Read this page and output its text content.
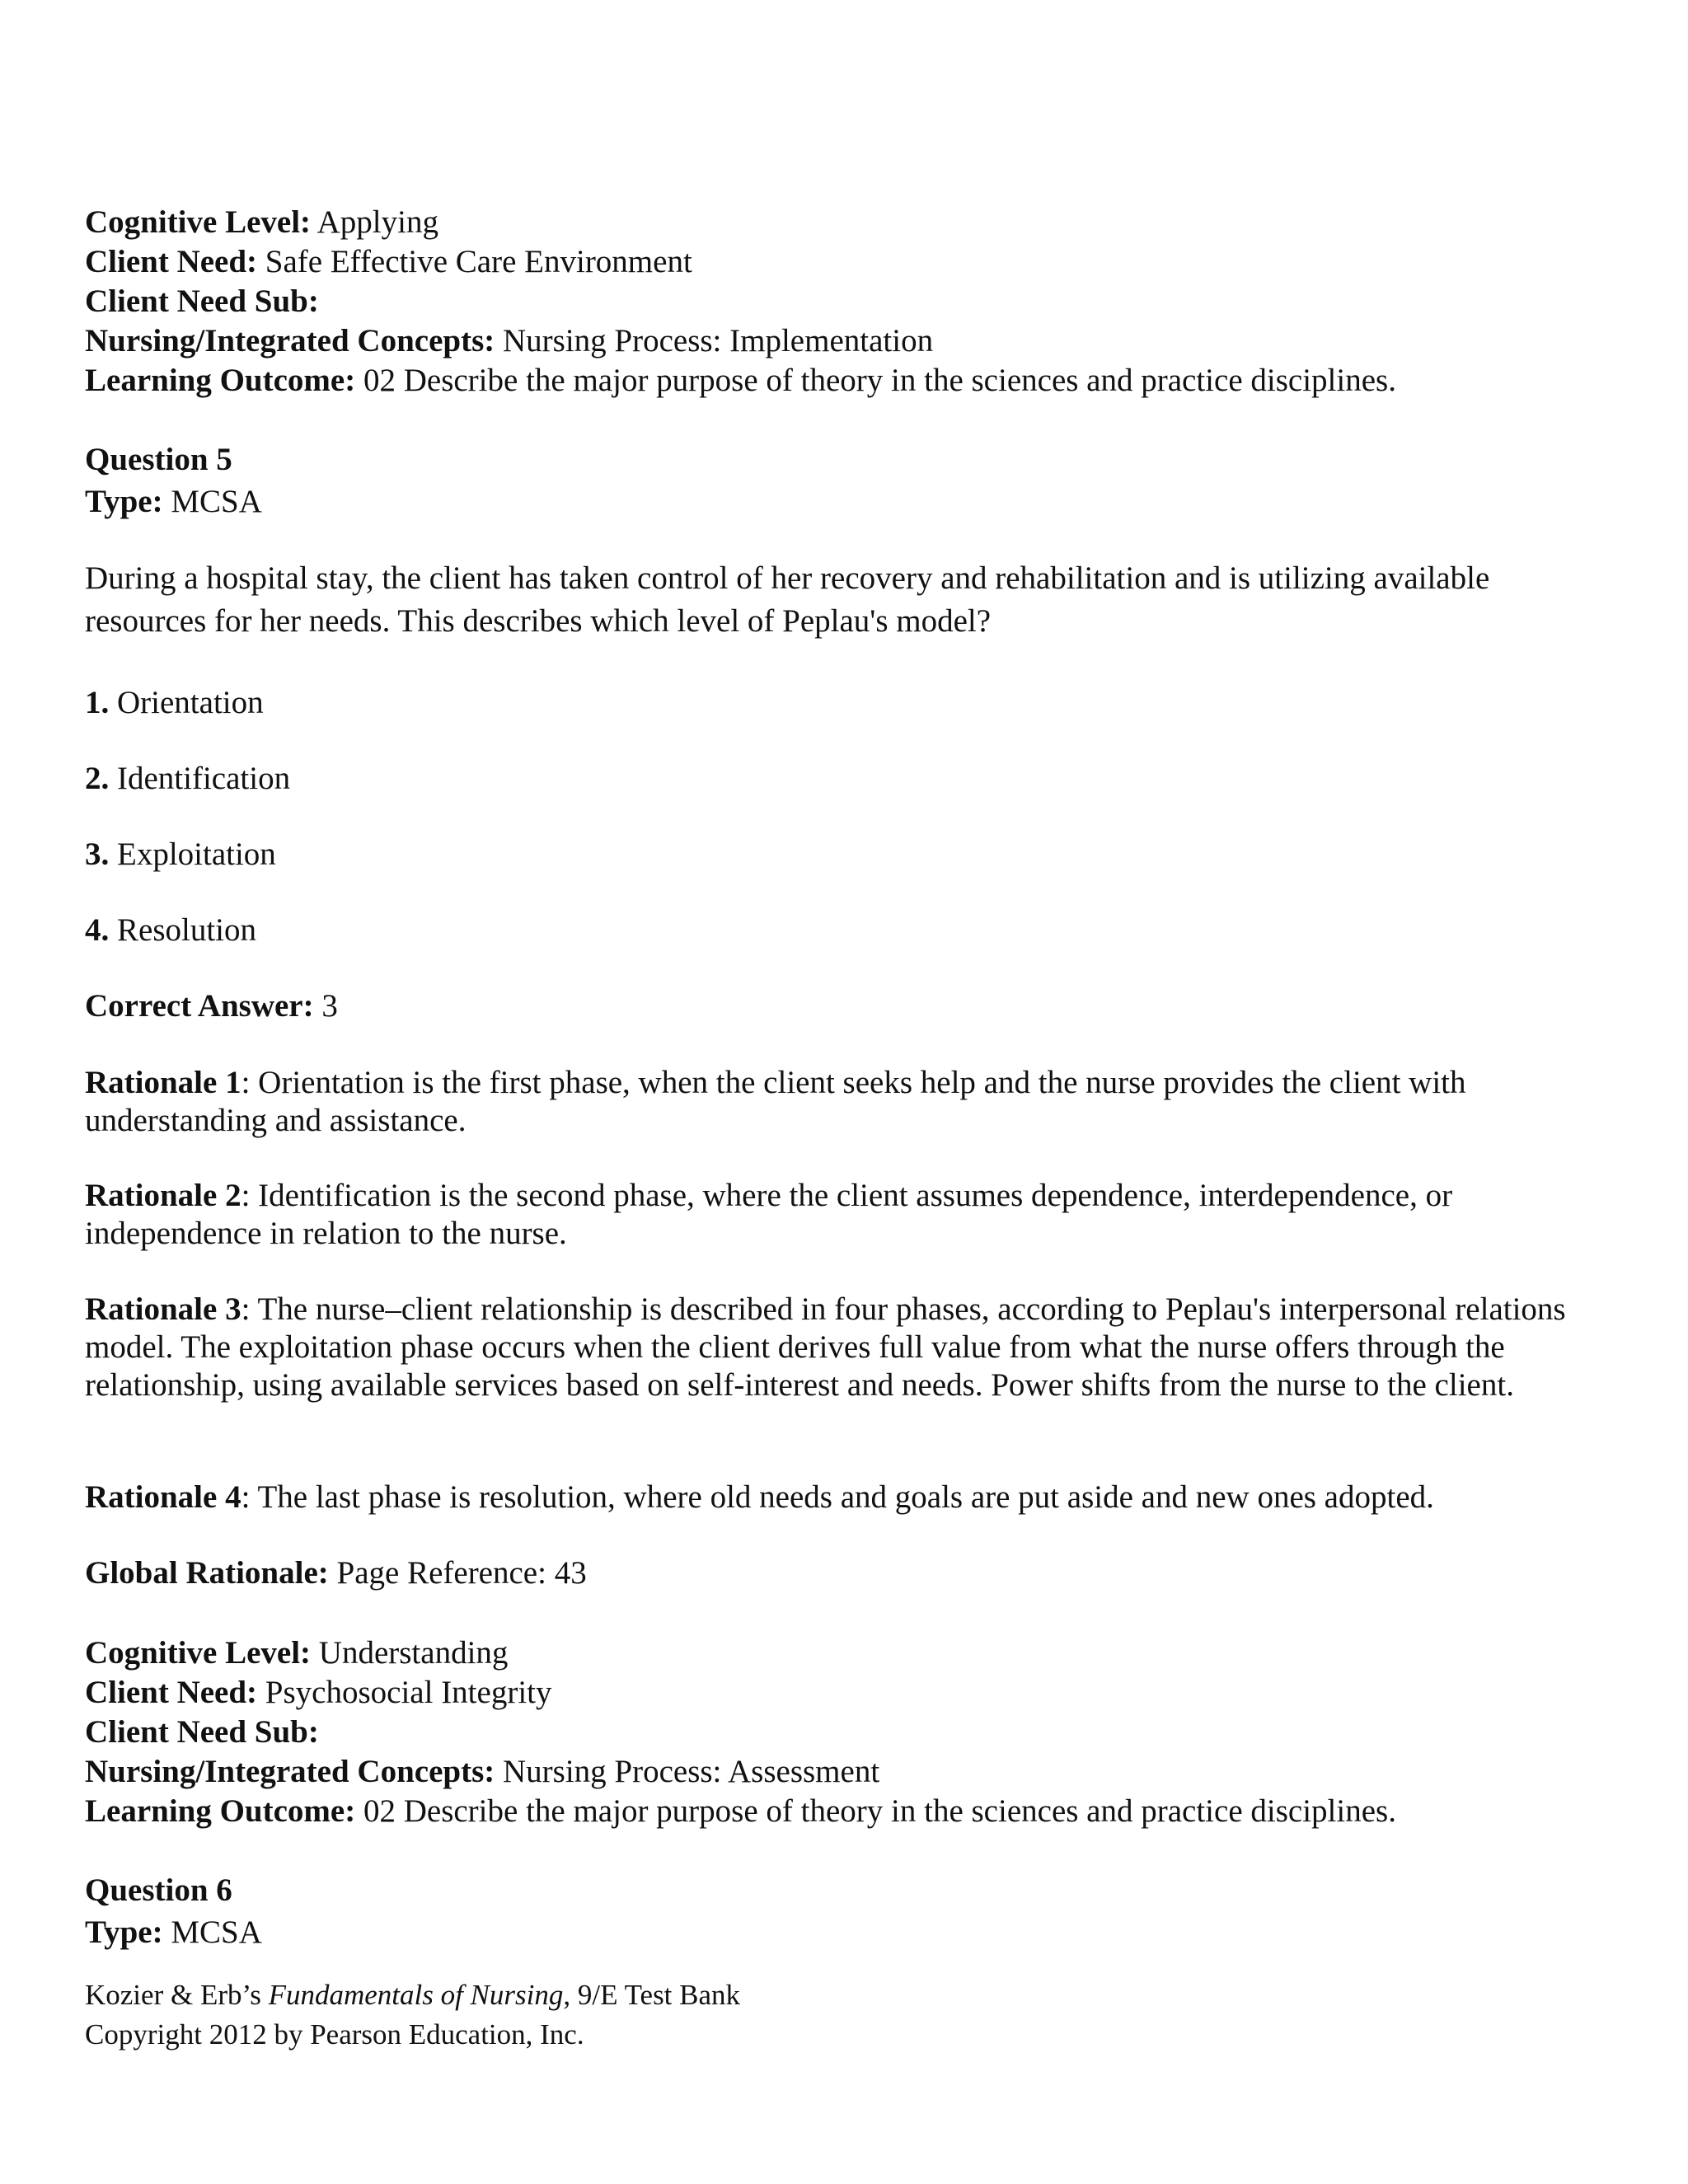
Cognitive Level: Applying
Client Need: Safe Effective Care Environment
Client Need Sub:
Nursing/Integrated Concepts: Nursing Process: Implementation
Learning Outcome: 02 Describe the major purpose of theory in the sciences and practice disciplines.
Question 5
Type: MCSA
During a hospital stay, the client has taken control of her recovery and rehabilitation and is utilizing available resources for her needs. This describes which level of Peplau's model?
1. Orientation
2. Identification
3. Exploitation
4. Resolution
Correct Answer: 3
Rationale 1: Orientation is the first phase, when the client seeks help and the nurse provides the client with understanding and assistance.
Rationale 2: Identification is the second phase, where the client assumes dependence, interdependence, or independence in relation to the nurse.
Rationale 3: The nurse–client relationship is described in four phases, according to Peplau's interpersonal relations model. The exploitation phase occurs when the client derives full value from what the nurse offers through the relationship, using available services based on self-interest and needs. Power shifts from the nurse to the client.
Rationale 4: The last phase is resolution, where old needs and goals are put aside and new ones adopted.
Global Rationale: Page Reference: 43
Cognitive Level: Understanding
Client Need: Psychosocial Integrity
Client Need Sub:
Nursing/Integrated Concepts: Nursing Process: Assessment
Learning Outcome: 02 Describe the major purpose of theory in the sciences and practice disciplines.
Question 6
Type: MCSA
Kozier & Erb’s Fundamentals of Nursing, 9/E Test Bank
Copyright 2012 by Pearson Education, Inc.
